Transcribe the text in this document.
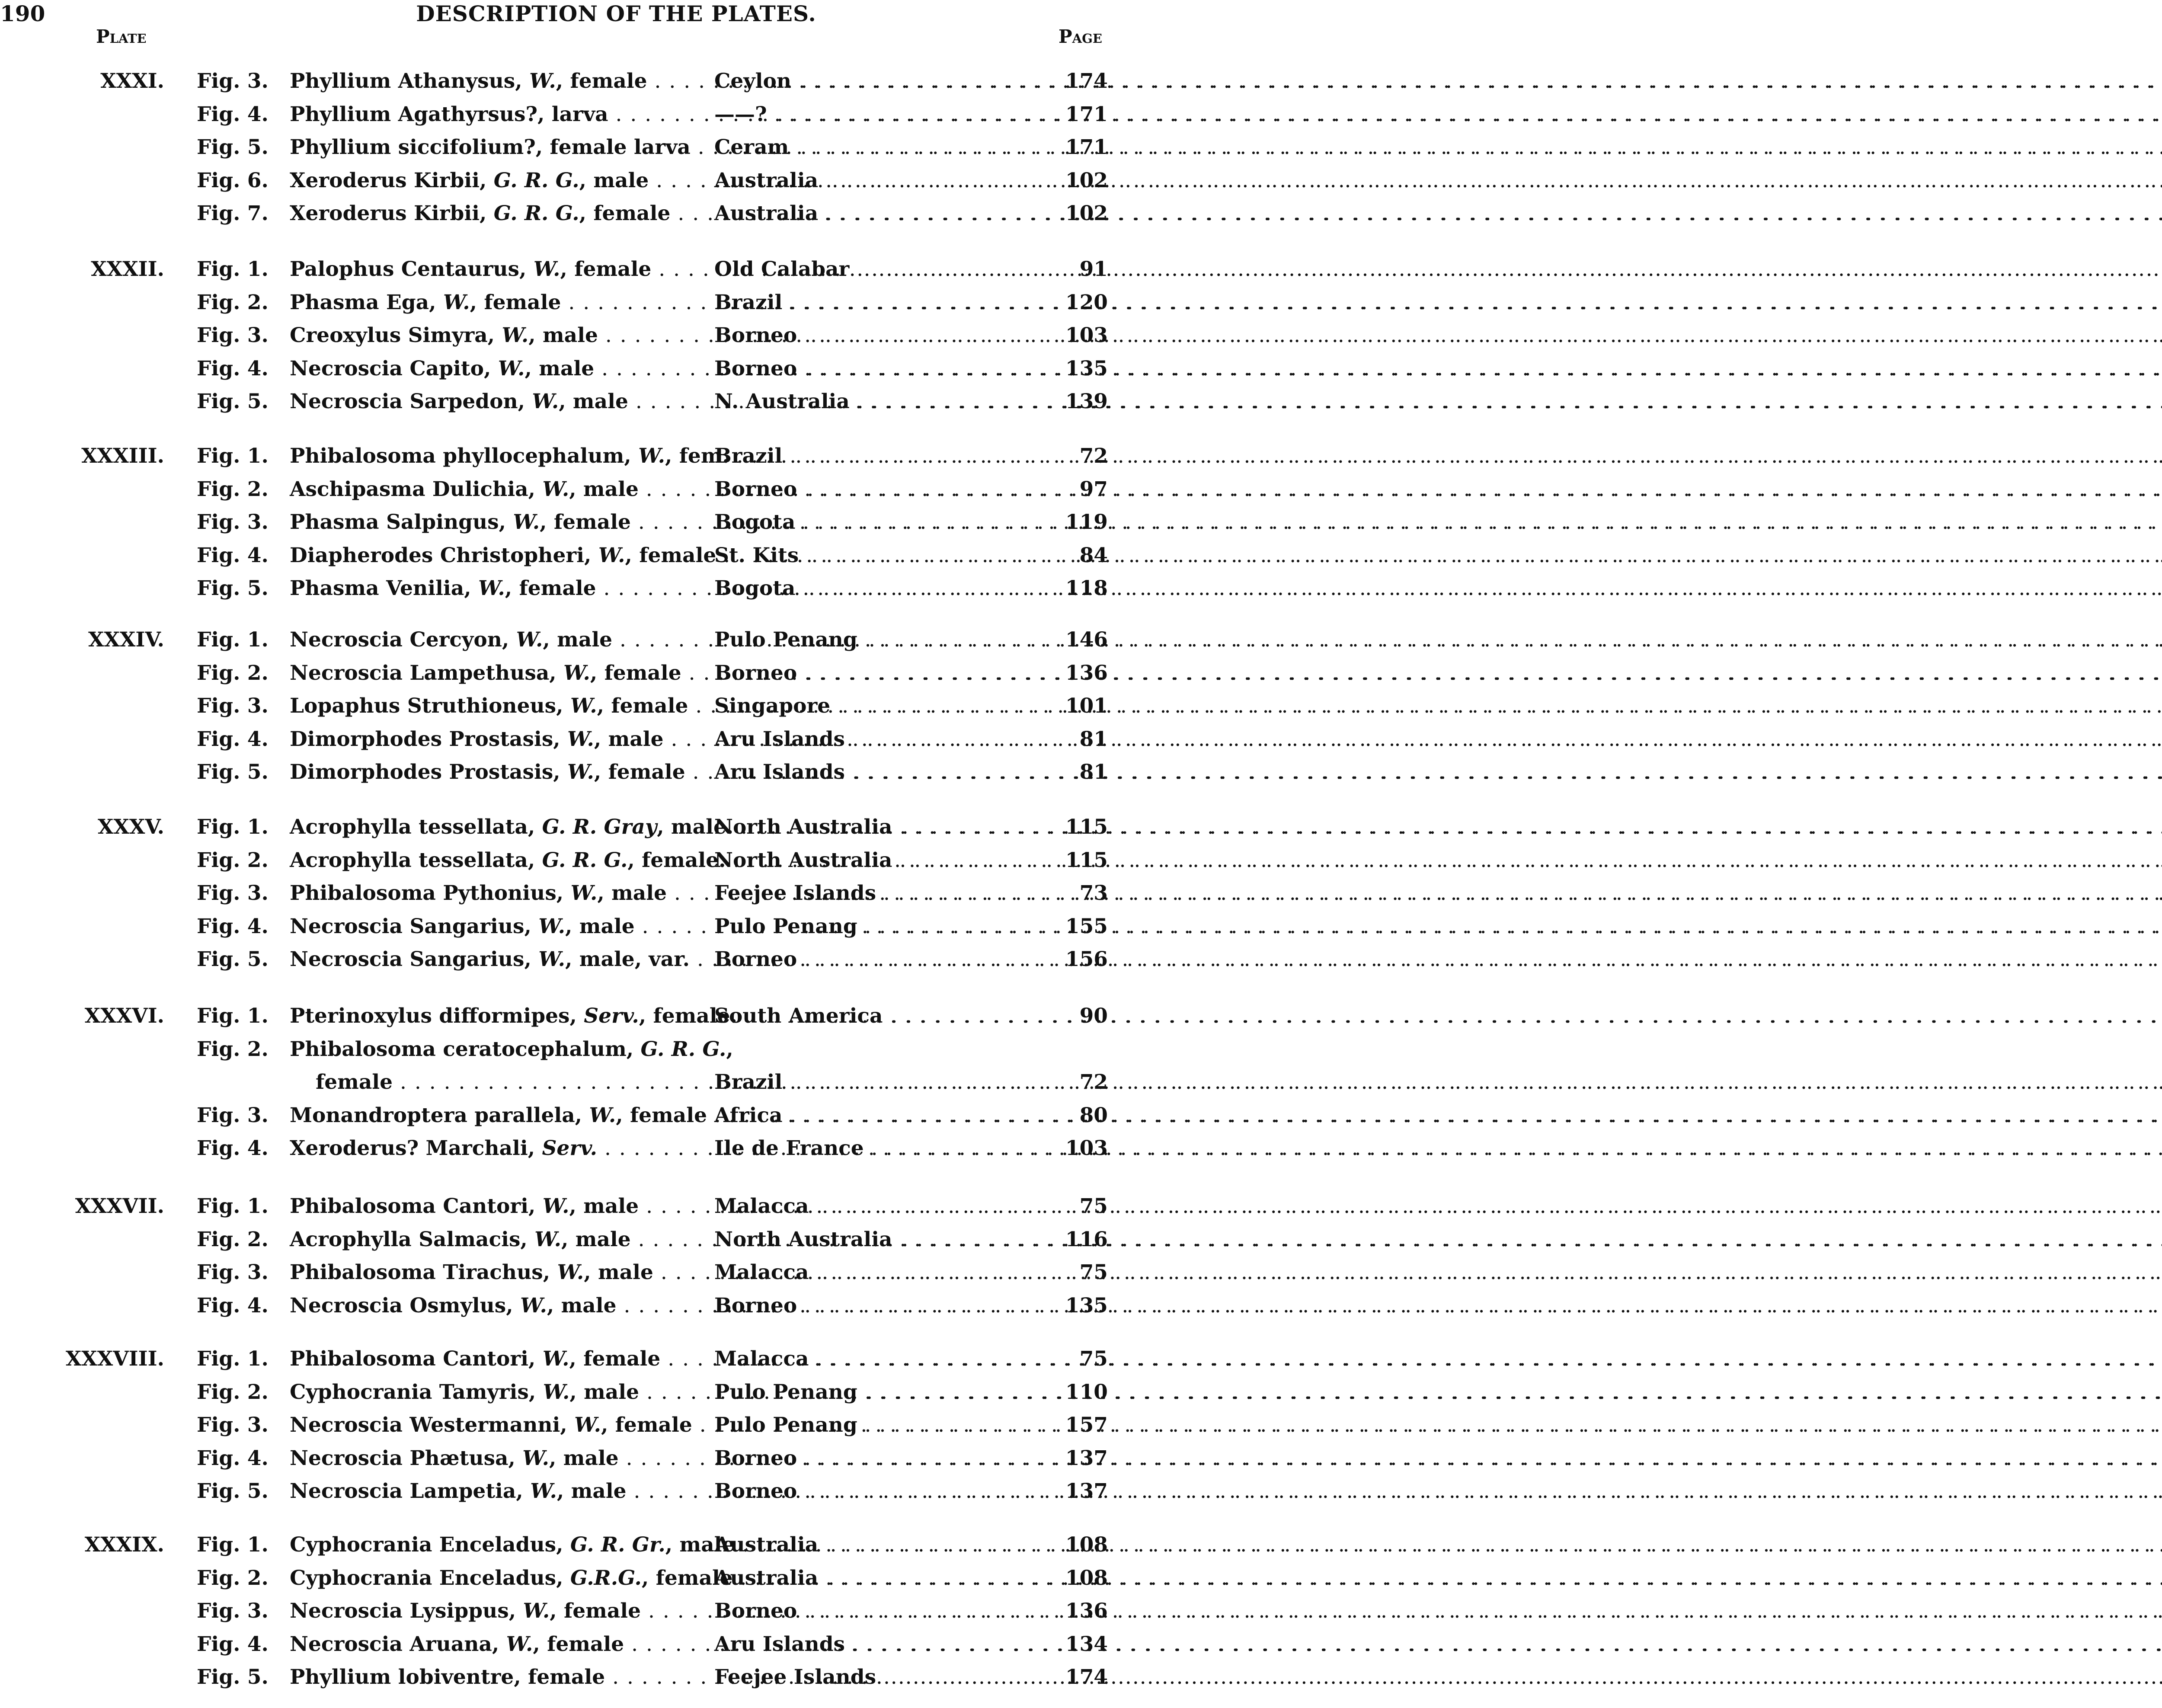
190	DESCRIPTION OF THE PLATES.
Plate	Page
XXXI. Fig. 3. Phyllium Athanysus, W., female . . .	Ceylon . . .	174
Fig. 4. Phyllium Agathyrsus?, larva . . .	——? . . .	171
Fig. 5. Phyllium siccifolium?, female larva . . . Ceram . . .	171
Fig. 6. Xeroderus Kirbii, G. R. G., male . . .	Australia . . .	102
Fig. 7. Xeroderus Kirbii, G. R. G., female . . .	Australia . . .	102
XXXII. Fig. 1. Palophus Centaurus, W., female . . .	Old Calabar . . .	91
Fig. 2. Phasma Ega, W., female . . .	Brazil . . .	120
Fig. 3. Creoxylus Simyra, W., male . . .	Borneo . . .	103
Fig. 4. Necroscia Capito, W., male . . .	Borneo . . .	135
Fig. 5. Necroscia Sarpedon, W., male . . .	N. Australia . . .	139
XXXIII. Fig. 1. Phibalosoma phyllocephalum, W., fem. . . .
Brazil . . .	72
Fig. 2. Aschipasma Dulichia, W., male . . .	Borneo . . .	97
Fig. 3. Phasma Salpingus, W., female . . .	Bogota . . .	119
Fig. 4. Diapherodes Christopheri, W., female . . .
St. Kits . . .	84
Fig. 5. Phasma Venilia, W., female . . .	Bogota . . .	118
XXXIV. Fig. 1. Necroscia Cercyon, W., male . . .	Pulo Penang . . .	146
Fig. 2. Necroscia Lampethusa, W., female . . .	Borneo . . .	136
Fig. 3. Lopaphus Struthioneus, W., female . . . Singapore . . .	101
Fig. 4. Dimorphodes Prostasis, W., male . . .	Aru Islands . . .	81
Fig. 5. Dimorphodes Prostasis, W., female . . . Aru Islands . . .	81
XXXV. Fig. 1. Acrophylla tessellata, G. R. Gray, male. . . .
North Australia . . .	115
Fig. 2. Acrophylla tessellata, G. R. G., female. . . .
North Australia . . .	115
Fig. 3. Phibalosoma Pythonius, W., male . . .	Feejee Islands . . .	73
Fig. 4. Necroscia Sangarius, W., male . . .	Pulo Penang . . .	155
Fig. 5. Necroscia Sangarius, W., male, var. . . . Borneo . . .	156
XXXVI. Fig. 1. Pterinoxylus difformipes, Serv., female. . . .
South America . . .	90
Fig. 2. Phibalosoma ceratocephalum, G. R. G.,
female . . .	Brazil . . .	72
Fig. 3. Monandroptera parallela, W., female . . . Africa . . .	80
Fig. 4. Xeroderus? Marchali, Serv. . . .	Ile de France . . .	103
XXXVII. Fig. 1. Phibalosoma Cantori, W., male . . .	Malacca . . .	75
Fig. 2. Acrophylla Salmacis, W., male . . .	North Australia . . .	116
Fig. 3. Phibalosoma Tirachus, W., male . . .	Malacca . . .	75
Fig. 4. Necroscia Osmylus, W., male . . .	Borneo . . .	135
XXXVIII. Fig. 1. Phibalosoma Cantori, W., female . . .	Malacca . . .	75
Fig. 2. Cyphocrania Tamyris, W., male . . .	Pulo Penang . . .	110
Fig. 3. Necroscia Westermanni, W., female . . . Pulo Penang . . .	157
Fig. 4. Necroscia Phætusa, W., male . . .	Borneo . . .	137
Fig. 5. Necroscia Lampetia, W., male . . .	Borneo . . .	137
XXXIX. Fig. 1. Cyphocrania Enceladus, G. R. Gr., male . . .
Australia . . .	108
Fig. 2. Cyphocrania Enceladus, G.R.G., female . . .
Australia . . .	108
Fig. 3. Necroscia Lysippus, W., female . . .	Borneo . . .	136
Fig. 4. Necroscia Aruana, W., female . . .	Aru Islands . . .	134
Fig. 5. Phyllium lobiventre, female . . .	Feejee Islands . . .	174
